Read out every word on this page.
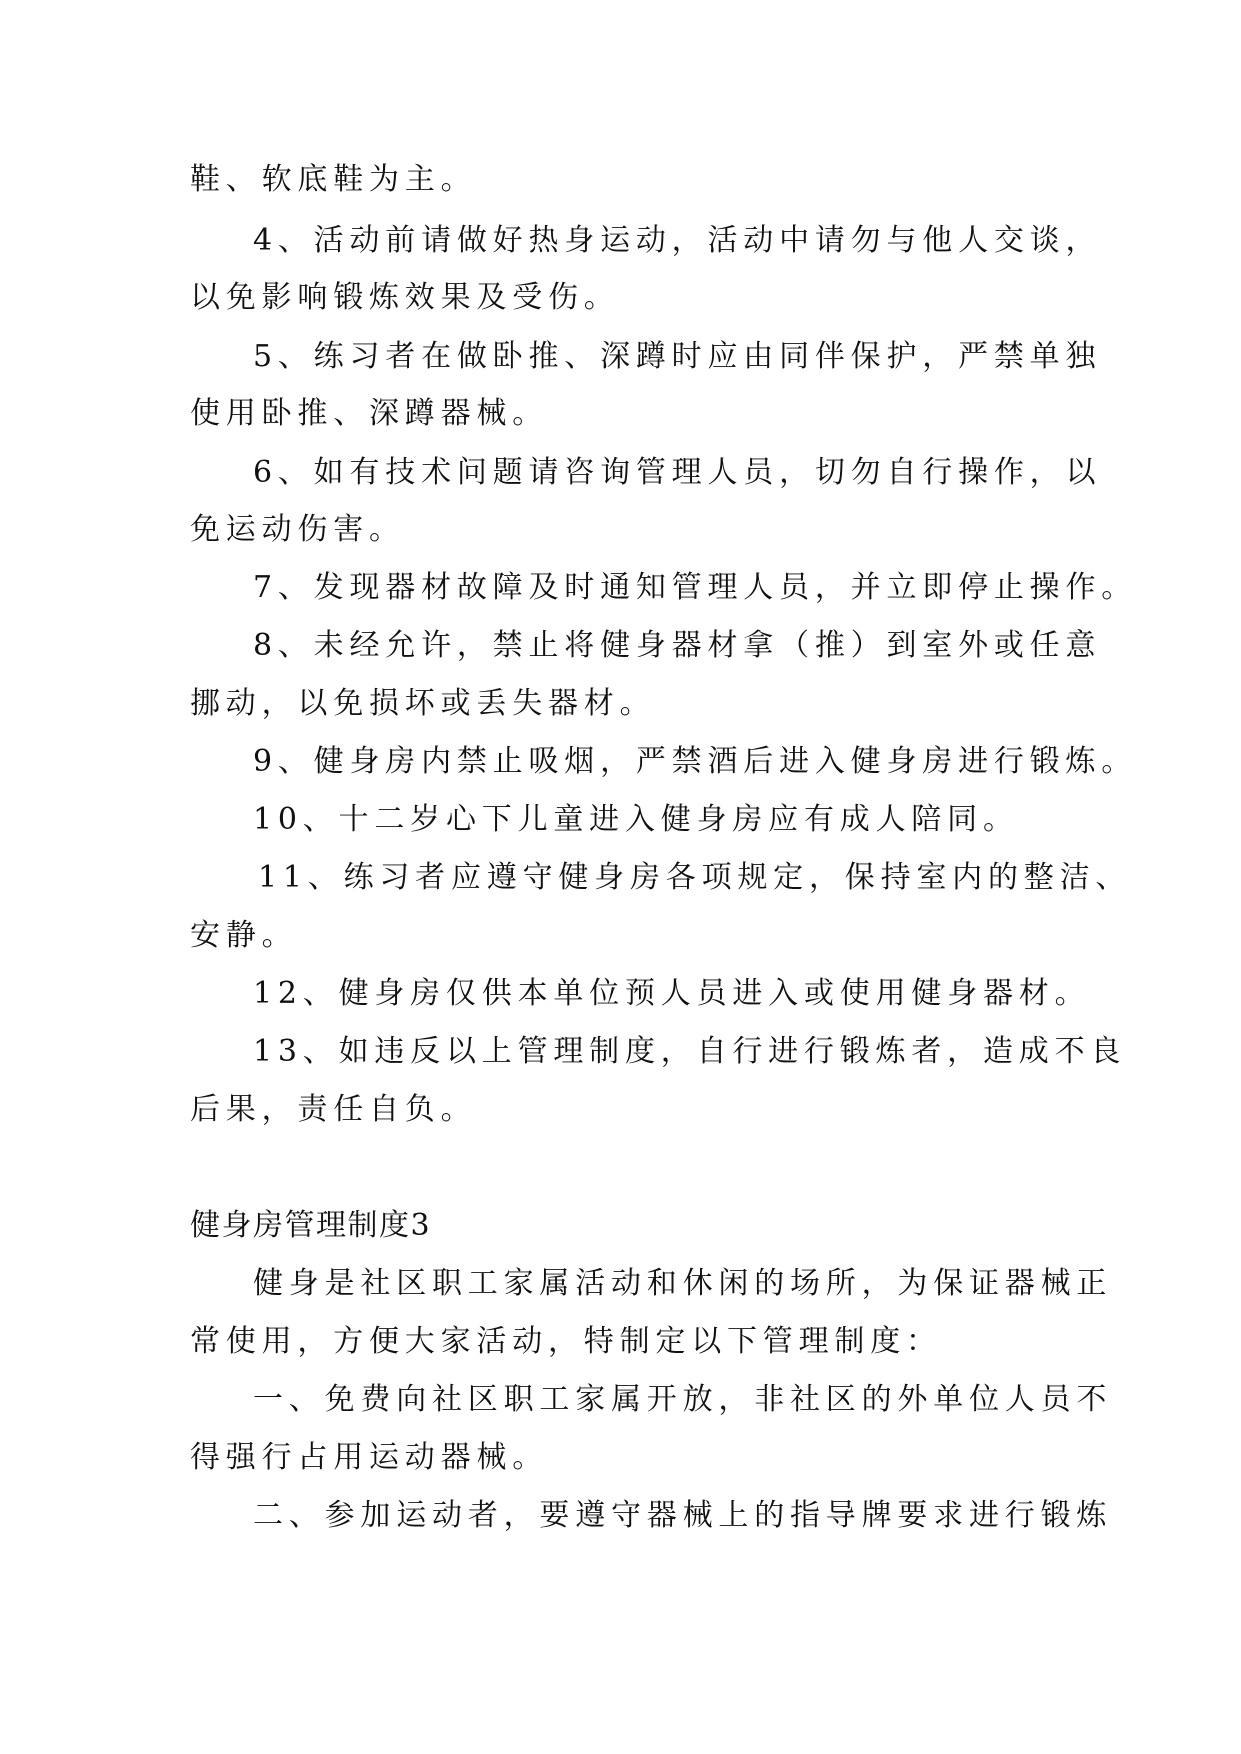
鞋、软底鞋为主。
4、活动前请做好热身运动，活动中请勿与他人交谈，
以免影响锻炼效果及受伤。
5、练习者在做卧推、深蹲时应由同伴保护，严禁单独
使用卧推、深蹲器械。
6、如有技术问题请咨询管理人员，切勿自行操作，以
免运动伤害。
7、发现器材故障及时通知管理人员，并立即停止操作。
8、未经允许，禁止将健身器材拿（推）到室外或任意
挪动，以免损坏或丢失器材。
9、健身房内禁止吸烟，严禁酒后进入健身房进行锻炼。
10、十二岁心下儿童进入健身房应有成人陪同。
11、练习者应遵守健身房各项规定，保持室内的整洁、
安静。
12、健身房仅供本单位预人员进入或使用健身器材。
13、如违反以上管理制度，自行进行锻炼者，造成不良
后果，责任自负。
健身房管理制度3
健身是社区职工家属活动和休闲的场所，为保证器械正
常使用，方便大家活动，特制定以下管理制度：
一、免费向社区职工家属开放，非社区的外单位人员不
得强行占用运动器械。
二、参加运动者，要遵守器械上的指导牌要求进行锻炼
